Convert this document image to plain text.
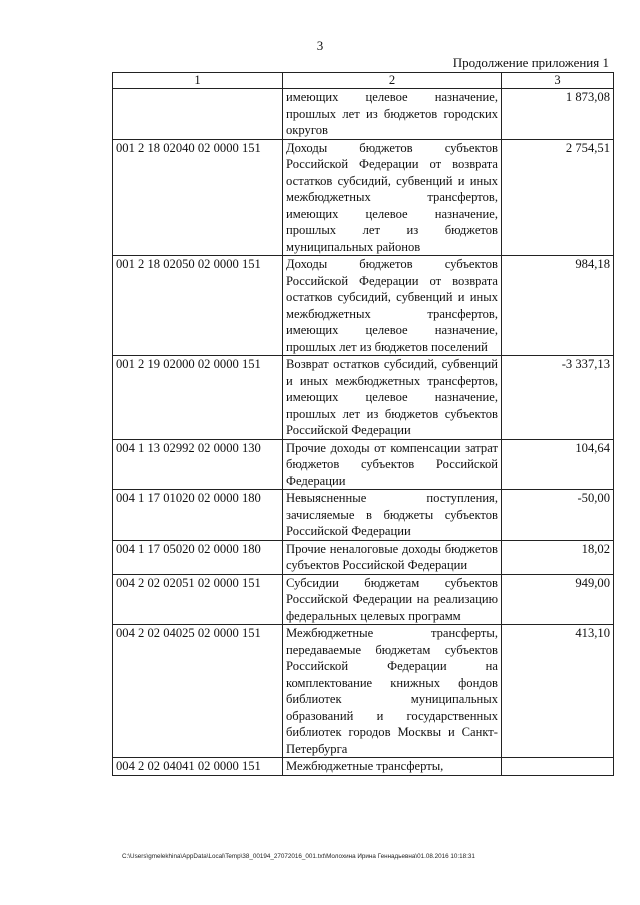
3
Продолжение приложения 1
1	2	3
	имеющих целевое назначение, прошлых лет из бюджетов городских округов	1 873,08
001 2 18 02040 02 0000 151	Доходы бюджетов субъектов Российской Федерации от возврата остатков субсидий, субвенций и иных межбюджетных трансфертов, имеющих целевое назначение, прошлых лет из бюджетов муниципальных районов	2 754,51
001 2 18 02050 02 0000 151	Доходы бюджетов субъектов Российской Федерации от возврата остатков субсидий, субвенций и иных межбюджетных трансфертов, имеющих целевое назначение, прошлых лет из бюджетов поселений	984,18
001 2 19 02000 02 0000 151	Возврат остатков субсидий, субвенций и иных межбюджетных трансфертов, имеющих целевое назначение, прошлых лет из бюджетов субъектов Российской Федерации	-3 337,13
004 1 13 02992 02 0000 130	Прочие доходы от компенсации затрат бюджетов субъектов Российской Федерации	104,64
004 1 17 01020 02 0000 180	Невыясненные поступления, зачисляемые в бюджеты субъектов Российской Федерации	-50,00
004 1 17 05020 02 0000 180	Прочие неналоговые доходы бюджетов субъектов Российской Федерации	18,02
004 2 02 02051 02 0000 151	Субсидии бюджетам субъектов Российской Федерации на реализацию федеральных целевых программ	949,00
004 2 02 04025 02 0000 151	Межбюджетные трансферты, передаваемые бюджетам субъектов Российской Федерации на комплектование книжных фондов библиотек муниципальных образований и государственных библиотек городов Москвы и Санкт-Петербурга	413,10
004 2 02 04041 02 0000 151	Межбюджетные трансферты,	
C:\Users\gmelekhina\AppData\Local\Temp\38_00194_27072016_001.txt\Молохина Ирина Геннадьевна\01.08.2016 10:18:31
